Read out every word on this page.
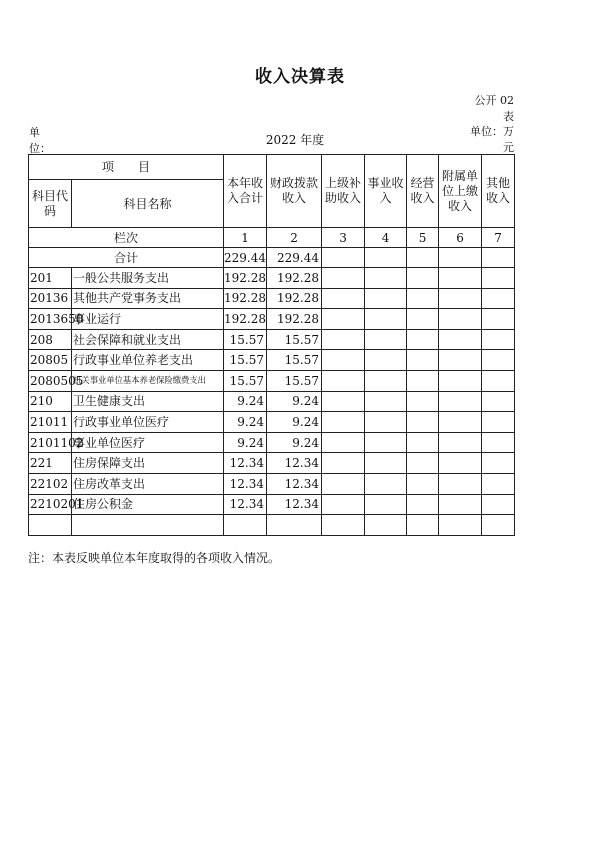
收入决算表
公开 02 表
单位：
2022 年度
单位：万元
项　　目		本年收入合计	财政拨款收入	上级补助收入	事业收入	经营收入	附属单位上缴收入	其他收入
科目代码	科目名称							
栏次		1	2	3	4	5	6	7
合计		229.44	229.44					
201	一般公共服务支出	192.28	192.28					
20136	其他共产党事务支出	192.28	192.28					
2013650	事业运行	192.28	192.28					
208	社会保障和就业支出	15.57	15.57					
20805	行政事业单位养老支出	15.57	15.57					
2080505	机关事业单位基本养老保险缴费支出	15.57	15.57					
210	卫生健康支出	9.24	9.24					
21011	行政事业单位医疗	9.24	9.24					
2101102	事业单位医疗	9.24	9.24					
221	住房保障支出	12.34	12.34					
22102	住房改革支出	12.34	12.34					
2210201	住房公积金	12.34	12.34					

注：本表反映单位本年度取得的各项收入情况。
